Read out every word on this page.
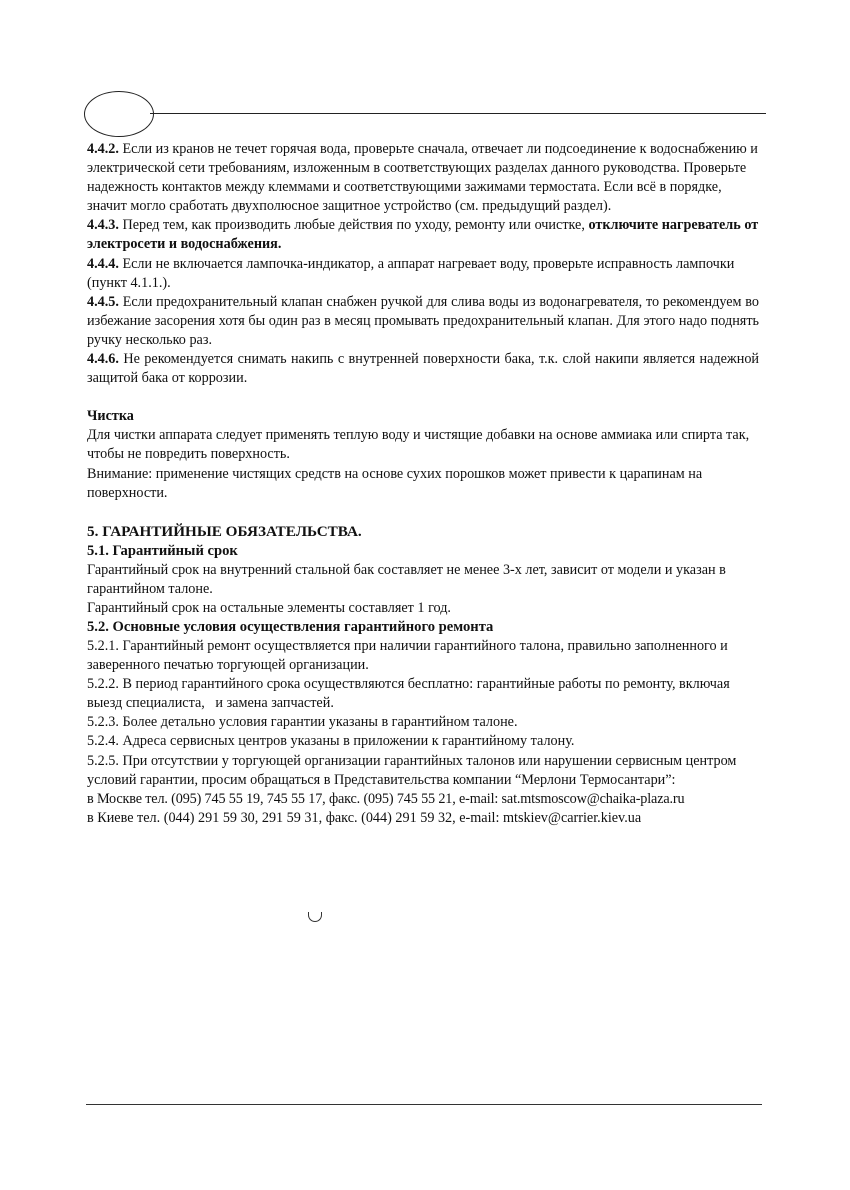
4.4.2. Если из кранов не течет горячая вода, проверьте сначала, отвечает ли подсоединение к водоснабжению и электрической сети требованиям, изложенным в соответствующих разделах данного руководства. Проверьте надежность контактов между клеммами и соответствующими зажимами термостата. Если всё в порядке, значит могло сработать двухполюсное защитное устройство (см. предыдущий раздел).

4.4.3. Перед тем, как производить любые действия по уходу, ремонту или очистке, отключите нагреватель от электросети и водоснабжения.

4.4.4. Если не включается лампочка-индикатор, а аппарат нагревает воду, проверьте исправность лампочки (пункт 4.1.1.).

4.4.5. Если предохранительный клапан снабжен ручкой для слива воды из водонагревателя, то рекомендуем во избежание засорения хотя бы один раз в месяц промывать предохранительный клапан. Для этого надо поднять ручку несколько раз.

4.4.6. Не рекомендуется снимать накипь с внутренней поверхности бака, т.к. слой накипи является надежной защитой бака от коррозии.

Чистка

Для чистки аппарата следует применять теплую воду и чистящие добавки на основе аммиака или спирта так, чтобы не повредить поверхность.

Внимание: применение чистящих средств на основе сухих порошков может привести к царапинам на поверхности.

5. ГАРАНТИЙНЫЕ ОБЯЗАТЕЛЬСТВА.

5.1. Гарантийный срок

Гарантийный срок на внутренний стальной бак составляет не менее 3-х лет, зависит от модели и указан в гарантийном талоне.

Гарантийный срок на остальные элементы составляет 1 год.

5.2. Основные условия осуществления гарантийного ремонта

5.2.1. Гарантийный ремонт осуществляется при наличии гарантийного талона, правильно заполненного и заверенного печатью торгующей организации.

5.2.2. В период гарантийного срока осуществляются бесплатно: гарантийные работы по ремонту, включая выезд специалиста,   и замена запчастей.

5.2.3. Более детально условия гарантии указаны в гарантийном талоне.

5.2.4. Адреса сервисных центров указаны в приложении к гарантийному талону.

5.2.5. При отсутствии у торгующей организации гарантийных талонов или нарушении сервисным центром условий гарантии, просим обращаться в Представительства компании “Мерлони Термосантари”:

в Москве тел. (095) 745 55 19, 745 55 17, факс. (095) 745 55 21, e-mail: sat.mtsmoscow@chaika-plaza.ru

в Киеве тел. (044) 291 59 30, 291 59 31, факс. (044) 291 59 32, e-mail: mtskiev@carrier.kiev.ua
